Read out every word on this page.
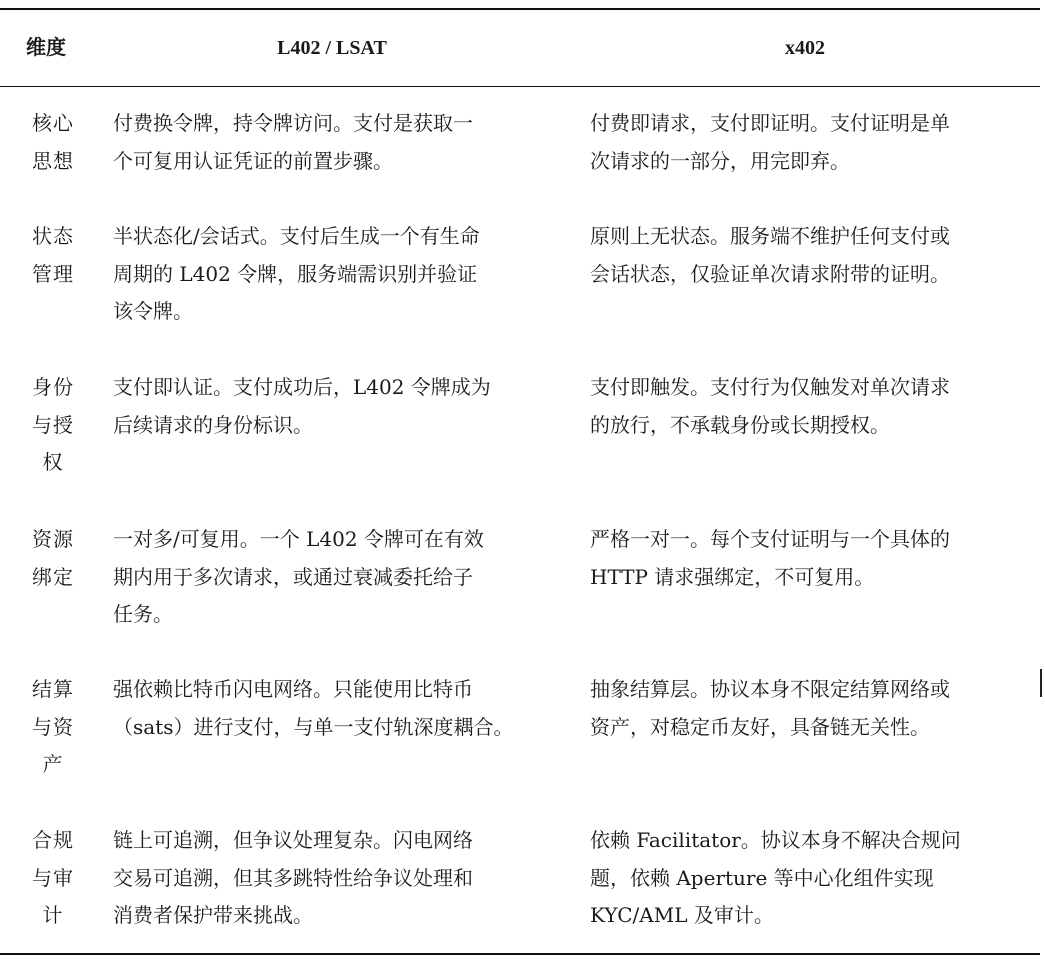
维度	L402 / LSAT	x402
核心
思想
付费换令牌，持令牌访问。支付是获取一
个可复用认证凭证的前置步骤。
付费即请求，支付即证明。支付证明是单
次请求的一部分，用完即弃。
状态
管理
半状态化/会话式。支付后生成一个有生命
周期的 L402 令牌，服务端需识别并验证
该令牌。
原则上无状态。服务端不维护任何支付或
会话状态，仅验证单次请求附带的证明。
身份
与授
权
支付即认证。支付成功后，L402 令牌成为
后续请求的身份标识。
支付即触发。支付行为仅触发对单次请求
的放行，不承载身份或长期授权。
资源
绑定
一对多/可复用。一个 L402 令牌可在有效
期内用于多次请求，或通过衰减委托给子
任务。
严格一对一。每个支付证明与一个具体的
HTTP 请求强绑定，不可复用。
结算
与资
产
强依赖比特币闪电网络。只能使用比特币
（sats）进行支付，与单一支付轨深度耦合。
抽象结算层。协议本身不限定结算网络或
资产，对稳定币友好，具备链无关性。
合规
与审
计
链上可追溯，但争议处理复杂。闪电网络
交易可追溯，但其多跳特性给争议处理和
消费者保护带来挑战。
依赖 Facilitator。协议本身不解决合规问
题，依赖 Aperture 等中心化组件实现
KYC/AML 及审计。
